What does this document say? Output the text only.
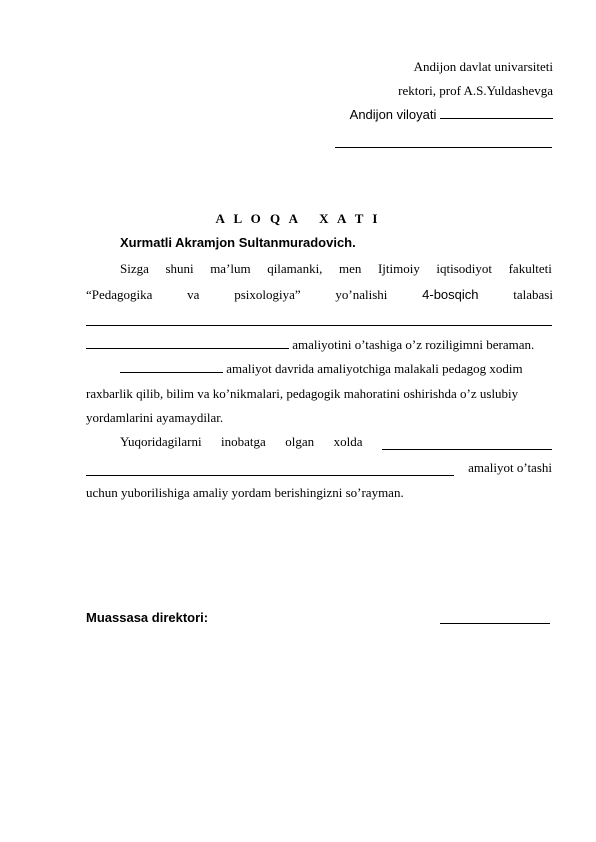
Andijon davlat univarsiteti
rektori, prof A.S.Yuldashevga
Andijon viloyati
A L O Q A   X A T I
Xurmatli Akramjon Sultanmuradovich.
Sizga shuni ma’lum qilamanki, men Ijtimoiy iqtisodiyot fakulteti
“Pedagogika	va	psixologiya”	yo’nalishi	4-bosqich	talabasi
amaliyotini o’tashiga o’z roziligimni beraman.
amaliyot davrida amaliyotchiga malakali pedagog xodim
raxbarlik qilib, bilim va ko’nikmalari, pedagogik mahoratini oshirishda o’z uslubiy
yordamlarini ayamaydilar.
Yuqoridagilarni inobatga olgan xolda
amaliyot o’tashi
uchun yuborilishiga amaliy yordam berishingizni so’rayman.
Muassasa direktori:
